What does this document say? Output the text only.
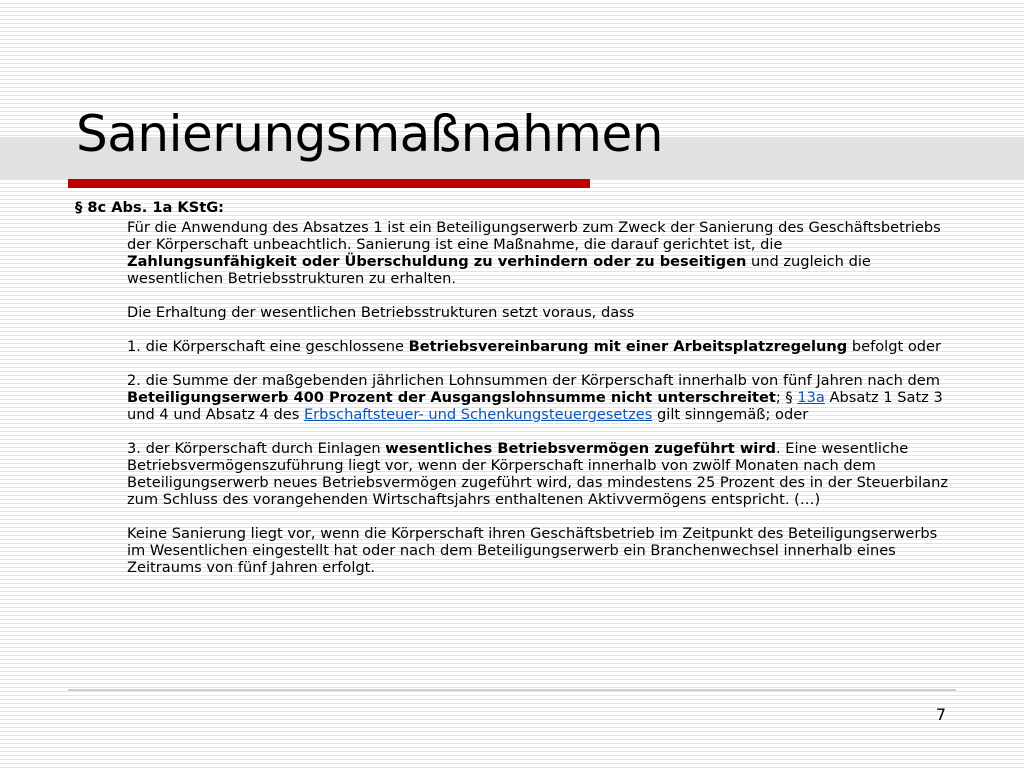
Sanierungsmaßnahmen
§ 8c Abs. 1a KStG:

Für die Anwendung des Absatzes 1 ist ein Beteiligungserwerb zum Zweck der Sanierung des Geschäftsbetriebs der Körperschaft unbeachtlich. Sanierung ist eine Maßnahme, die darauf gerichtet ist, die Zahlungsunfähigkeit oder Überschuldung zu verhindern oder zu beseitigen und zugleich die wesentlichen Betriebsstrukturen zu erhalten.

Die Erhaltung der wesentlichen Betriebsstrukturen setzt voraus, dass

1. die Körperschaft eine geschlossene Betriebsvereinbarung mit einer Arbeitsplatzregelung befolgt oder

2. die Summe der maßgebenden jährlichen Lohnsummen der Körperschaft innerhalb von fünf Jahren nach dem Beteiligungserwerb 400 Prozent der Ausgangslohnsumme nicht unterschreitet; § 13a Absatz 1 Satz 3 und 4 und Absatz 4 des Erbschaftsteuer- und Schenkungsteuergesetzes gilt sinngemäß; oder

3. der Körperschaft durch Einlagen wesentliches Betriebsvermögen zugeführt wird. Eine wesentliche Betriebsvermögenszuführung liegt vor, wenn der Körperschaft innerhalb von zwölf Monaten nach dem Beteiligungserwerb neues Betriebsvermögen zugeführt wird, das mindestens 25 Prozent des in der Steuerbilanz zum Schluss des vorangehenden Wirtschaftsjahrs enthaltenen Aktivvermögens entspricht. (…)

Keine Sanierung liegt vor, wenn die Körperschaft ihren Geschäftsbetrieb im Zeitpunkt des Beteiligungserwerbs im Wesentlichen eingestellt hat oder nach dem Beteiligungserwerb ein Branchenwechsel innerhalb eines Zeitraums von fünf Jahren erfolgt.

7
